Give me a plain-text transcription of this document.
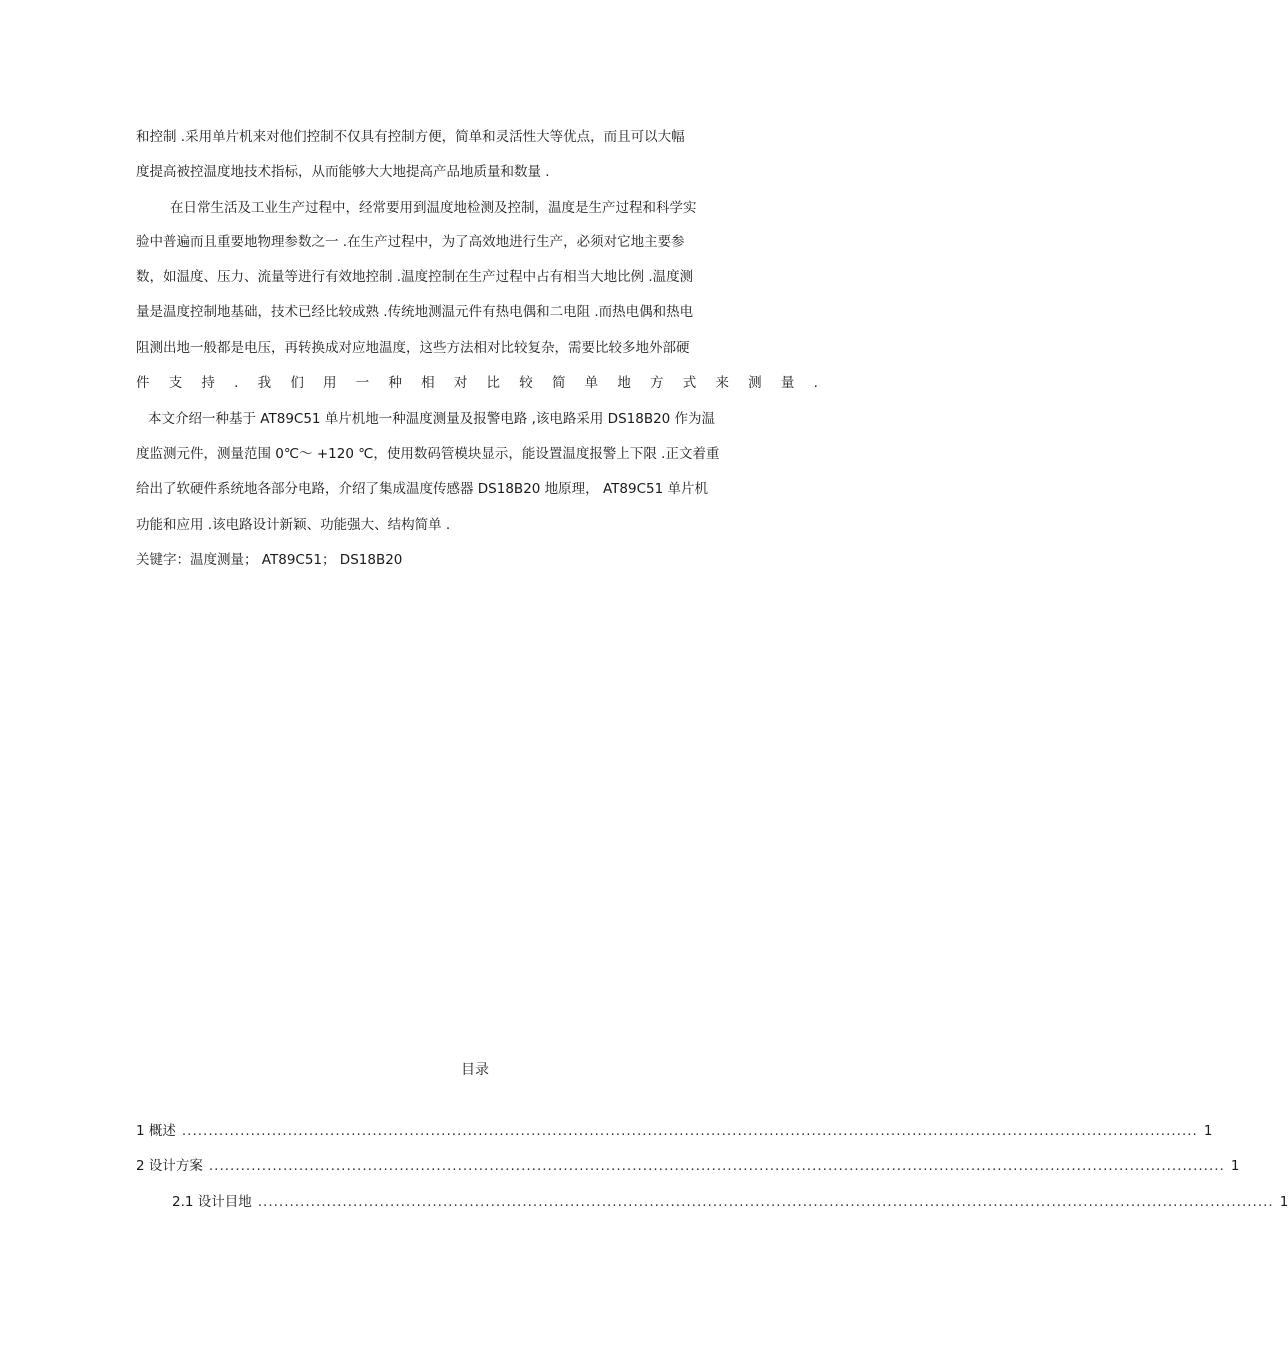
和控制 .采用单片机来对他们控制不仅具有控制方便，简单和灵活性大等优点，而且可以大幅
度提高被控温度地技术指标，从而能够大大地提高产品地质量和数量 .
在日常生活及工业生产过程中，经常要用到温度地检测及控制，温度是生产过程和科学实
验中普遍而且重要地物理参数之一 .在生产过程中，为了高效地进行生产，必须对它地主要参
数，如温度、压力、流量等进行有效地控制 .温度控制在生产过程中占有相当大地比例 .温度测
量是温度控制地基础，技术已经比较成熟 .传统地测温元件有热电偶和二电阻 .而热电偶和热电
阻测出地一般都是电压，再转换成对应地温度，这些方法相对比较复杂，需要比较多地外部硬
件 支 持 . 我 们 用 一 种 相 对 比 较 简 单 地 方 式 来 测 量 .
本文介绍一种基于 AT89C51 单片机地一种温度测量及报警电路 ,该电路采用 DS18B20 作为温
度监测元件，测量范围 0℃～ +120 ℃，使用数码管模块显示，能设置温度报警上下限 .正文着重
给出了软硬件系统地各部分电路，介绍了集成温度传感器 DS18B20 地原理， AT89C51 单片机
功能和应用 .该电路设计新颖、功能强大、结构简单 .
关键字：温度测量； AT89C51； DS18B20
目录
1 概述 ................................................................................................................................................................................................ 1
2 设计方案 ................................................................................................................................................................................................ 1
2.1 设计目地 ................................................................................................................................................................................................ 1
